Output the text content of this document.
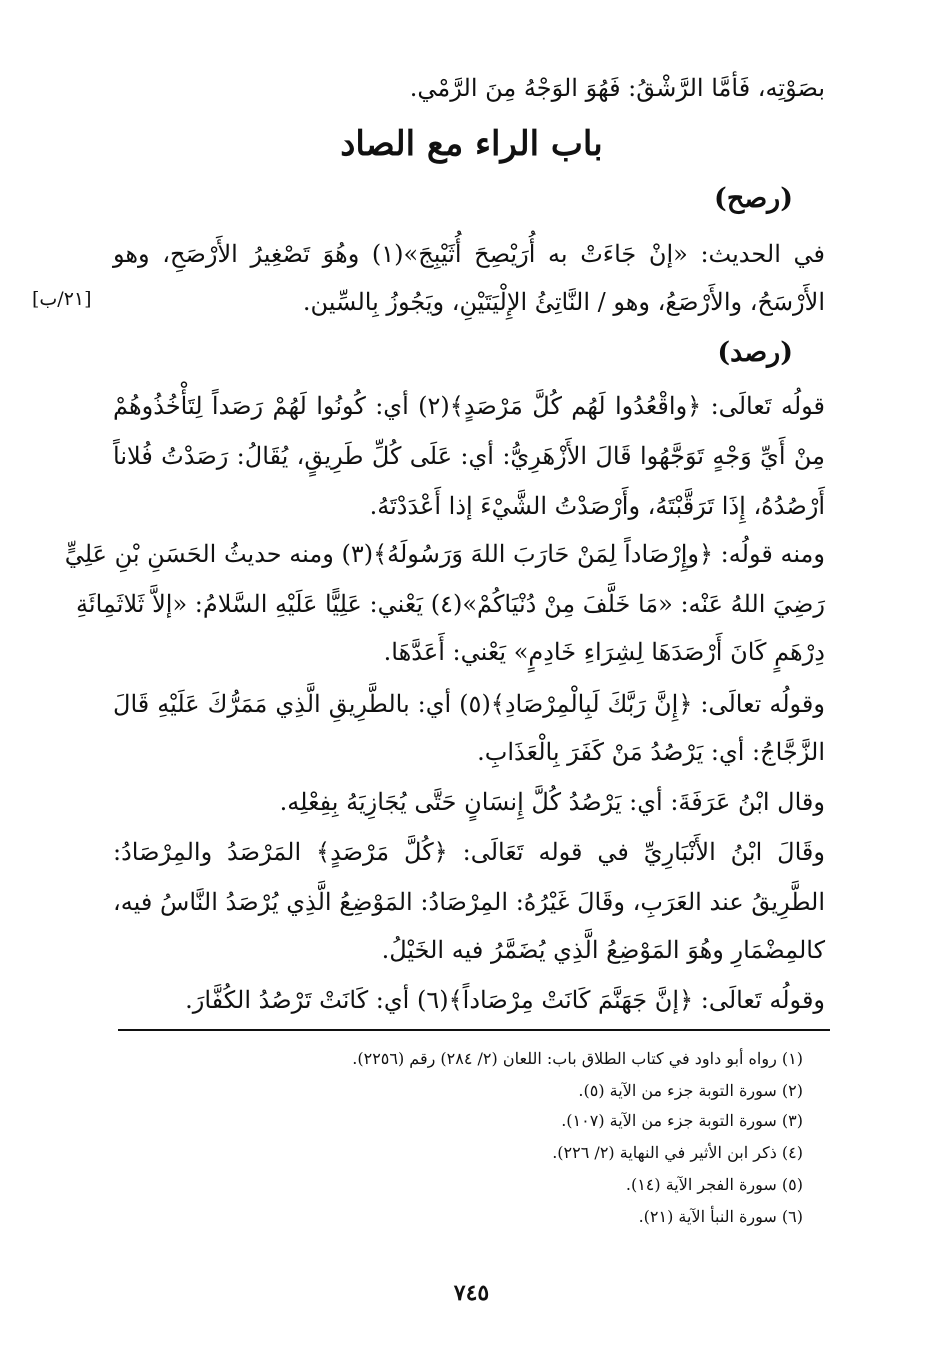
بصَوْتِه، فَأمَّا الرَّشْقُ: فَهُوَ الوَجْهُ مِنَ الرَّمْي.
باب الراء مع الصاد
(رصح)
في الحديث: «إنْ جَاءَتْ به أُرَيْصِحَ أُثَيْبِجَ»(١) وهُوَ تَصْغِيرُ الأَرْصَحِ، وهو
الأَرْسَحُ، والأَرْصَعُ، وهو / النَّاتِئُ الإِلْيَتَيْنِ، ويَجُوزُ بِالسِّين.
[٢١/ب]
(رصد)
قولُه تَعالَى: ﴿واقْعُدُوا لَهُم كُلَّ مَرْصَدٍ﴾(٢) أي: كُونُوا لَهُمْ رَصَداً لِتَأْخُذُوهُمْ
مِنْ أَيِّ وَجْهٍ تَوَجَّهُوا قَالَ الأَزْهَرِيُّ: أي: عَلَى كُلِّ طَرِيقٍ، يُقَالُ: رَصَدْتُ فُلاناً
أَرْصُدُهُ، إِذَا تَرَقَّبْتَهُ، وأَرْصَدْتُ الشَّيْءَ إذا أَعْدَدْتَهُ.
ومنه قولُه: ﴿وإِرْصَاداً لِمَنْ حَارَبَ اللهَ وَرَسُولَهُ﴾(٣) ومنه حديثُ الحَسَنِ بْنِ عَلِيٍّ
رَضِيَ اللهُ عَنْه: «مَا خَلَّفَ مِنْ دُنْيَاكُمْ»(٤) يَعْني: عَلِيًّا عَلَيْهِ السَّلامُ: «إلاَّ ثَلاثَمِائَةِ
دِرْهَمٍ كَانَ أَرْصَدَهَا لِشِرَاءِ خَادِمٍ» يَعْني: أَعَدَّهَا.
وقولُه تعالَى: ﴿إِنَّ رَبَّكَ لَبِالْمِرْصَادِ﴾(٥) أي: بالطَّرِيقِ الَّذِي مَمَرُّكَ عَلَيْهِ قَالَ
الزَّجَّاجُ: أي: يَرْصُدُ مَنْ كَفَرَ بِالْعَذَابِ.
وقال ابْنُ عَرَفَةَ: أي: يَرْصُدُ كُلَّ إِنسَانٍ حَتَّى يُجَازِيَهُ بِفِعْلِه.
وقَالَ ابْنُ الأَنْبَارِيِّ في قوله تَعَالَى: ﴿كُلَّ مَرْصَدٍ﴾ المَرْصَدُ والمِرْصَادُ:
الطَّرِيقُ عند العَرَبِ، وقَالَ غَيْرُهُ: المِرْصَادُ: المَوْضِعُ الَّذِي يُرْصَدُ النَّاسُ فيه،
كالمِضْمَارِ وهُوَ المَوْضِعُ الَّذِي يُضَمَّرُ فيه الخَيْلُ.
وقولُه تَعالَى: ﴿إنَّ جَهَنَّمَ كَانَتْ مِرْصَاداً﴾(٦) أي: كَانَتْ تَرْصُدُ الكُفَّارَ.
(١) رواه أبو داود في كتاب الطلاق باب: اللعان (٢/ ٢٨٤) رقم (٢٢٥٦).
(٢) سورة التوبة جزء من الآية (٥).
(٣) سورة التوبة جزء من الآية (١٠٧).
(٤) ذكر ابن الأثير في النهاية (٢/ ٢٢٦).
(٥) سورة الفجر الآية (١٤).
(٦) سورة النبأ الآية (٢١).
٧٤٥
